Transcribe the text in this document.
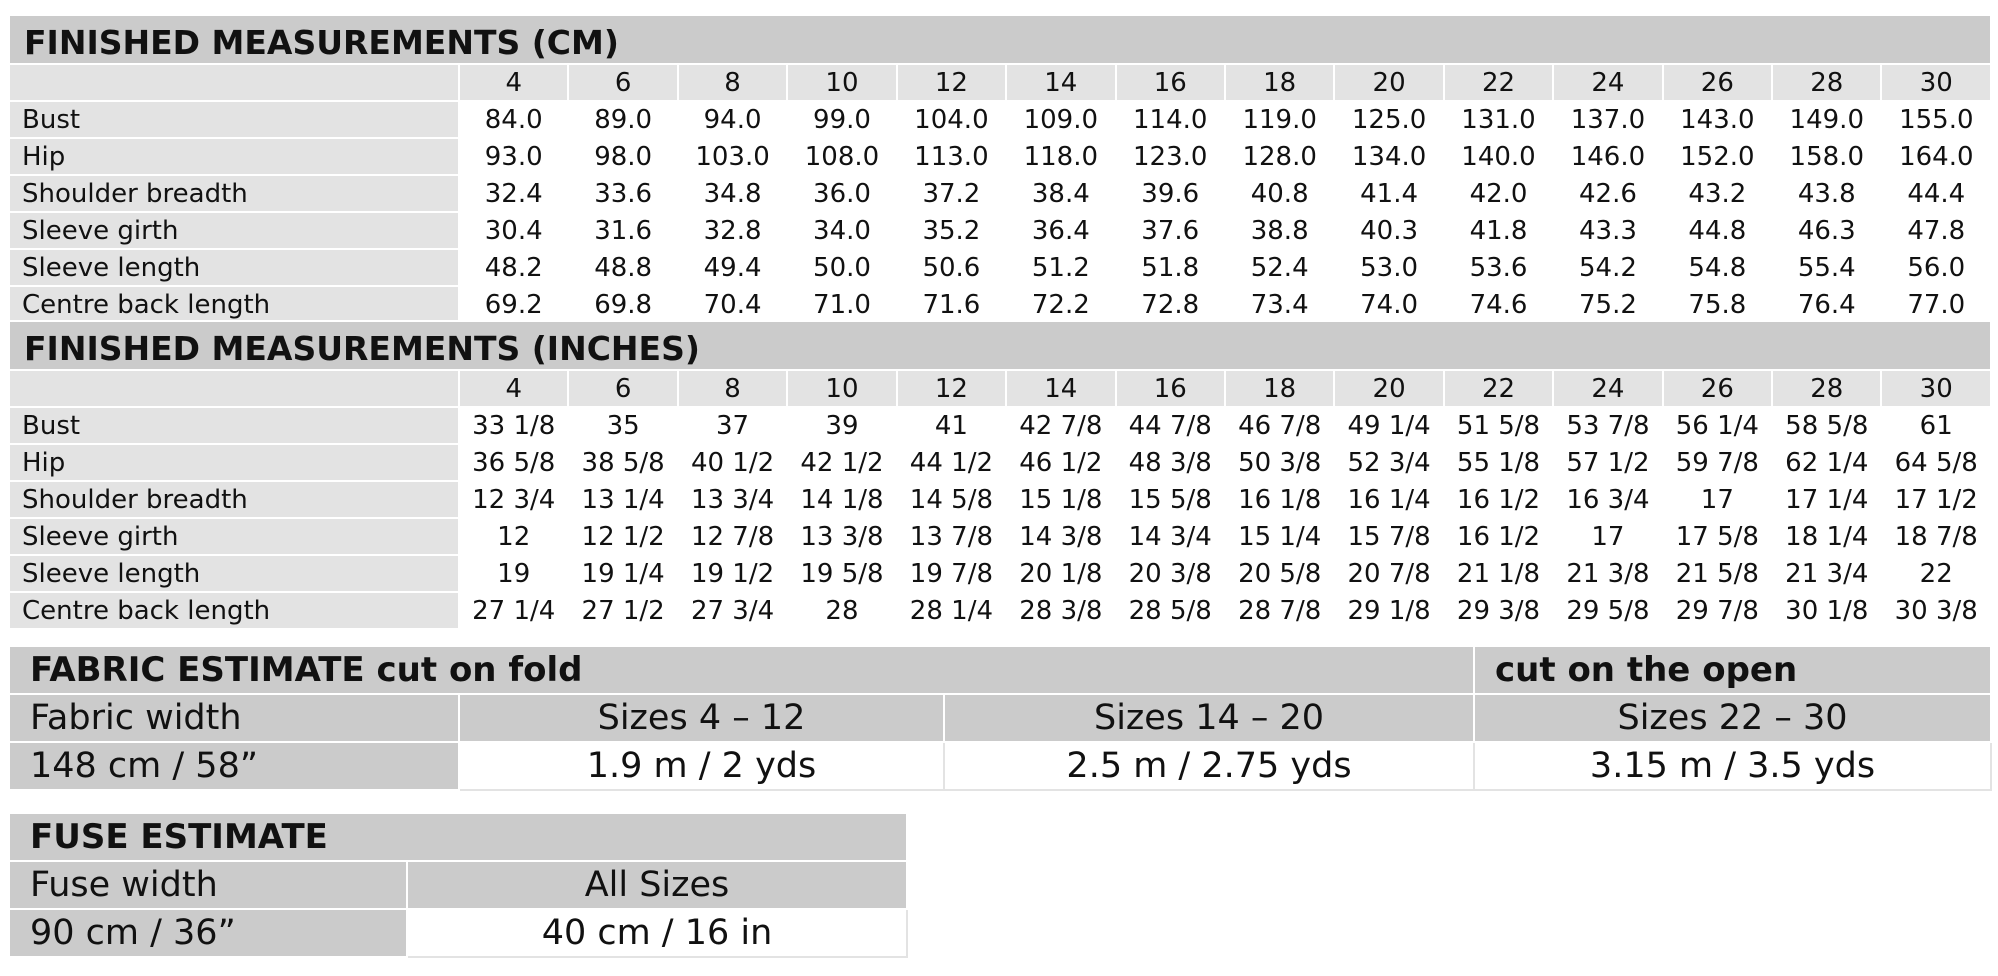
FINISHED MEASUREMENTS (CM)														
	4	6	8	10	12	14	16	18	20	22	24	26	28	30
Bust	84.0	89.0	94.0	99.0	104.0	109.0	114.0	119.0	125.0	131.0	137.0	143.0	149.0	155.0
Hip	93.0	98.0	103.0	108.0	113.0	118.0	123.0	128.0	134.0	140.0	146.0	152.0	158.0	164.0
Shoulder breadth	32.4	33.6	34.8	36.0	37.2	38.4	39.6	40.8	41.4	42.0	42.6	43.2	43.8	44.4
Sleeve girth	30.4	31.6	32.8	34.0	35.2	36.4	37.6	38.8	40.3	41.8	43.3	44.8	46.3	47.8
Sleeve length	48.2	48.8	49.4	50.0	50.6	51.2	51.8	52.4	53.0	53.6	54.2	54.8	55.4	56.0
Centre back length	69.2	69.8	70.4	71.0	71.6	72.2	72.8	73.4	74.0	74.6	75.2	75.8	76.4	77.0
FINISHED MEASUREMENTS (INCHES)														
	4	6	8	10	12	14	16	18	20	22	24	26	28	30
Bust	33 1/8	35	37	39	41	42 7/8	44 7/8	46 7/8	49 1/4	51 5/8	53 7/8	56 1/4	58 5/8	61
Hip	36 5/8	38 5/8	40 1/2	42 1/2	44 1/2	46 1/2	48 3/8	50 3/8	52 3/4	55 1/8	57 1/2	59 7/8	62 1/4	64 5/8
Shoulder breadth	12 3/4	13 1/4	13 3/4	14 1/8	14 5/8	15 1/8	15 5/8	16 1/8	16 1/4	16 1/2	16 3/4	17	17 1/4	17 1/2
Sleeve girth	12	12 1/2	12 7/8	13 3/8	13 7/8	14 3/8	14 3/4	15 1/4	15 7/8	16 1/2	17	17 5/8	18 1/4	18 7/8
Sleeve length	19	19 1/4	19 1/2	19 5/8	19 7/8	20 1/8	20 3/8	20 5/8	20 7/8	21 1/8	21 3/8	21 5/8	21 3/4	22
Centre back length	27 1/4	27 1/2	27 3/4	28	28 1/4	28 3/8	28 5/8	28 7/8	29 1/8	29 3/8	29 5/8	29 7/8	30 1/8	30 3/8
FABRIC ESTIMATE cut on fold			cut on the open
Fabric width	Sizes 4 – 12	Sizes 14 – 20	Sizes 22 – 30
148 cm / 58”	1.9 m / 2 yds	2.5 m / 2.75 yds	3.15 m / 3.5 yds
FUSE ESTIMATE	
Fuse width	All Sizes
90 cm / 36”	40 cm / 16 in
